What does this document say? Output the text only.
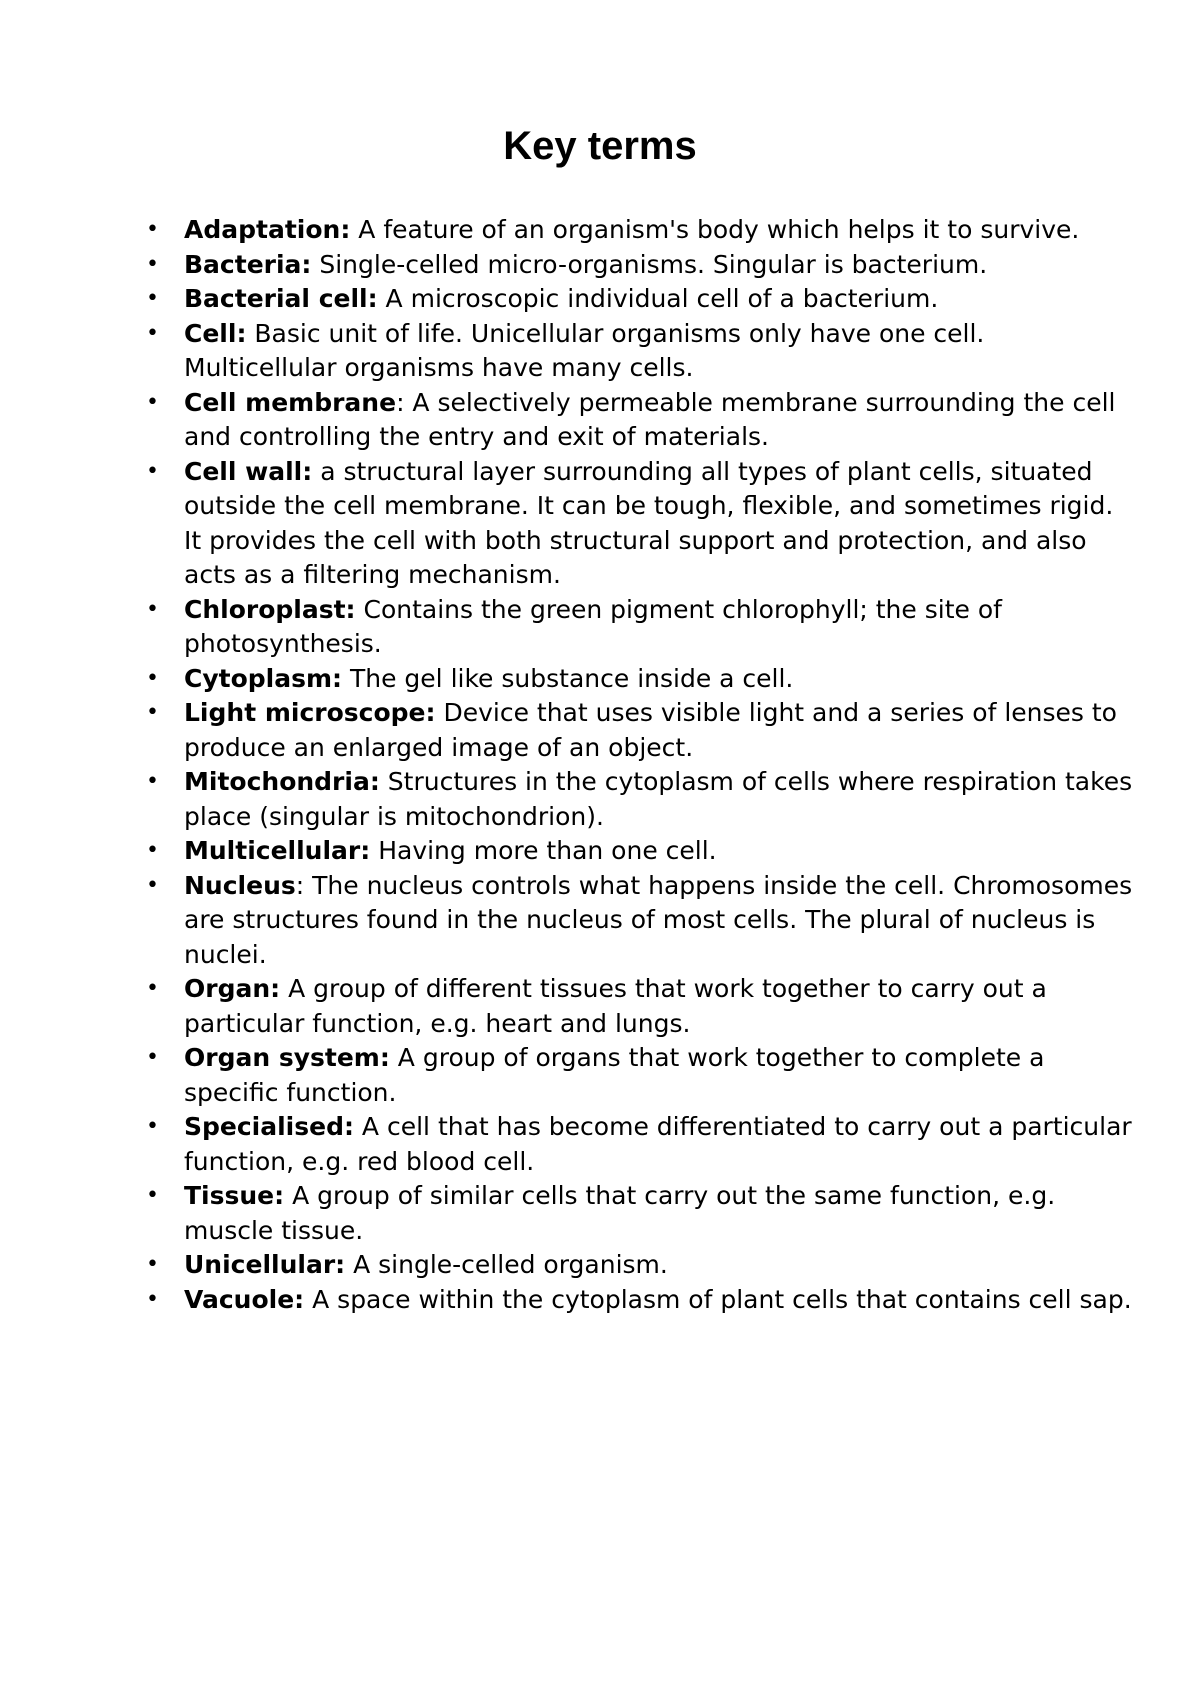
Key terms
• Adaptation: A feature of an organism's body which helps it to survive.
• Bacteria: Single-celled micro-organisms. Singular is bacterium.
• Bacterial cell: A microscopic individual cell of a bacterium.
• Cell: Basic unit of life. Unicellular organisms only have one cell. Multicellular organisms have many cells.
• Cell membrane: A selectively permeable membrane surrounding the cell and controlling the entry and exit of materials.
• Cell wall: a structural layer surrounding all types of plant cells, situated outside the cell membrane. It can be tough, flexible, and sometimes rigid. It provides the cell with both structural support and protection, and also acts as a filtering mechanism.
• Chloroplast: Contains the green pigment chlorophyll; the site of photosynthesis.
• Cytoplasm: The gel like substance inside a cell.
• Light microscope: Device that uses visible light and a series of lenses to produce an enlarged image of an object.
• Mitochondria: Structures in the cytoplasm of cells where respiration takes place (singular is mitochondrion).
• Multicellular: Having more than one cell.
• Nucleus: The nucleus controls what happens inside the cell. Chromosomes are structures found in the nucleus of most cells. The plural of nucleus is nuclei.
• Organ: A group of different tissues that work together to carry out a particular function, e.g. heart and lungs.
• Organ system: A group of organs that work together to complete a specific function.
• Specialised: A cell that has become differentiated to carry out a particular function, e.g. red blood cell.
• Tissue: A group of similar cells that carry out the same function, e.g. muscle tissue.
• Unicellular: A single-celled organism.
• Vacuole: A space within the cytoplasm of plant cells that contains cell sap.
